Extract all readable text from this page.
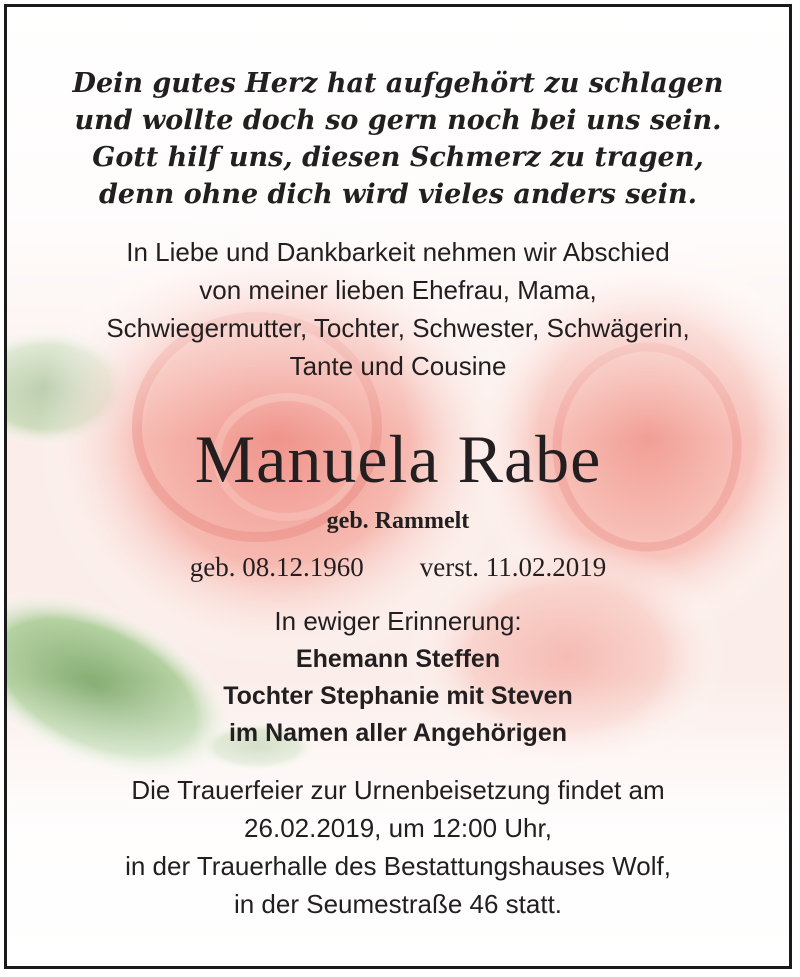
Dein gutes Herz hat aufgehört zu schlagen
und wollte doch so gern noch bei uns sein.
Gott hilf uns, diesen Schmerz zu tragen,
denn ohne dich wird vieles anders sein.
In Liebe und Dankbarkeit nehmen wir Abschied
von meiner lieben Ehefrau, Mama,
Schwiegermutter, Tochter, Schwester, Schwägerin,
Tante und Cousine
Manuela Rabe
geb. Rammelt
geb. 08.12.1960 verst. 11.02.2019
In ewiger Erinnerung:
Ehemann Steffen
Tochter Stephanie mit Steven
im Namen aller Angehörigen
Die Trauerfeier zur Urnenbeisetzung findet am
26.02.2019, um 12:00 Uhr,
in der Trauerhalle des Bestattungshauses Wolf,
in der Seumestraße 46 statt.
